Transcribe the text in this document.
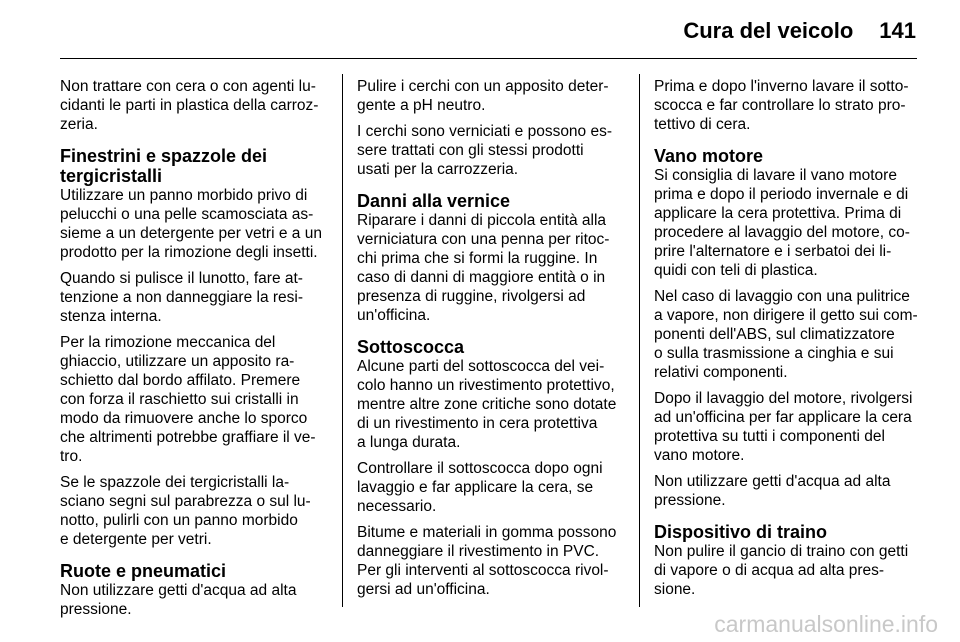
Cura del veicolo 141

Non trattare con cera o con agenti lu-
cidanti le parti in plastica della carroz-
zeria.

Finestrini e spazzole dei
tergicristalli

Utilizzare un panno morbido privo di
pelucchi o una pelle scamosciata as-
sieme a un detergente per vetri e a un
prodotto per la rimozione degli insetti.

Quando si pulisce il lunotto, fare at-
tenzione a non danneggiare la resi-
stenza interna.

Per la rimozione meccanica del
ghiaccio, utilizzare un apposito ra-
schietto dal bordo affilato. Premere
con forza il raschietto sui cristalli in
modo da rimuovere anche lo sporco
che altrimenti potrebbe graffiare il ve-
tro.

Se le spazzole dei tergicristalli la-
sciano segni sul parabrezza o sul lu-
notto, pulirli con un panno morbido
e detergente per vetri.

Ruote e pneumatici

Non utilizzare getti d'acqua ad alta
pressione.

Pulire i cerchi con un apposito deter-
gente a pH neutro.

I cerchi sono verniciati e possono es-
sere trattati con gli stessi prodotti
usati per la carrozzeria.

Danni alla vernice

Riparare i danni di piccola entità alla
verniciatura con una penna per ritoc-
chi prima che si formi la ruggine. In
caso di danni di maggiore entità o in
presenza di ruggine, rivolgersi ad
un'officina.

Sottoscocca

Alcune parti del sottoscocca del vei-
colo hanno un rivestimento protettivo,
mentre altre zone critiche sono dotate
di un rivestimento in cera protettiva
a lunga durata.

Controllare il sottoscocca dopo ogni
lavaggio e far applicare la cera, se
necessario.

Bitume e materiali in gomma possono
danneggiare il rivestimento in PVC.
Per gli interventi al sottoscocca rivol-
gersi ad un'officina.

Prima e dopo l'inverno lavare il sotto-
scocca e far controllare lo strato pro-
tettivo di cera.

Vano motore

Si consiglia di lavare il vano motore
prima e dopo il periodo invernale e di
applicare la cera protettiva. Prima di
procedere al lavaggio del motore, co-
prire l'alternatore e i serbatoi dei li-
quidi con teli di plastica.

Nel caso di lavaggio con una pulitrice
a vapore, non dirigere il getto sui com-
ponenti dell'ABS, sul climatizzatore
o sulla trasmissione a cinghia e sui
relativi componenti.

Dopo il lavaggio del motore, rivolgersi
ad un'officina per far applicare la cera
protettiva su tutti i componenti del
vano motore.

Non utilizzare getti d'acqua ad alta
pressione.

Dispositivo di traino

Non pulire il gancio di traino con getti
di vapore o di acqua ad alta pres-
sione.

carmanualsonline.info
